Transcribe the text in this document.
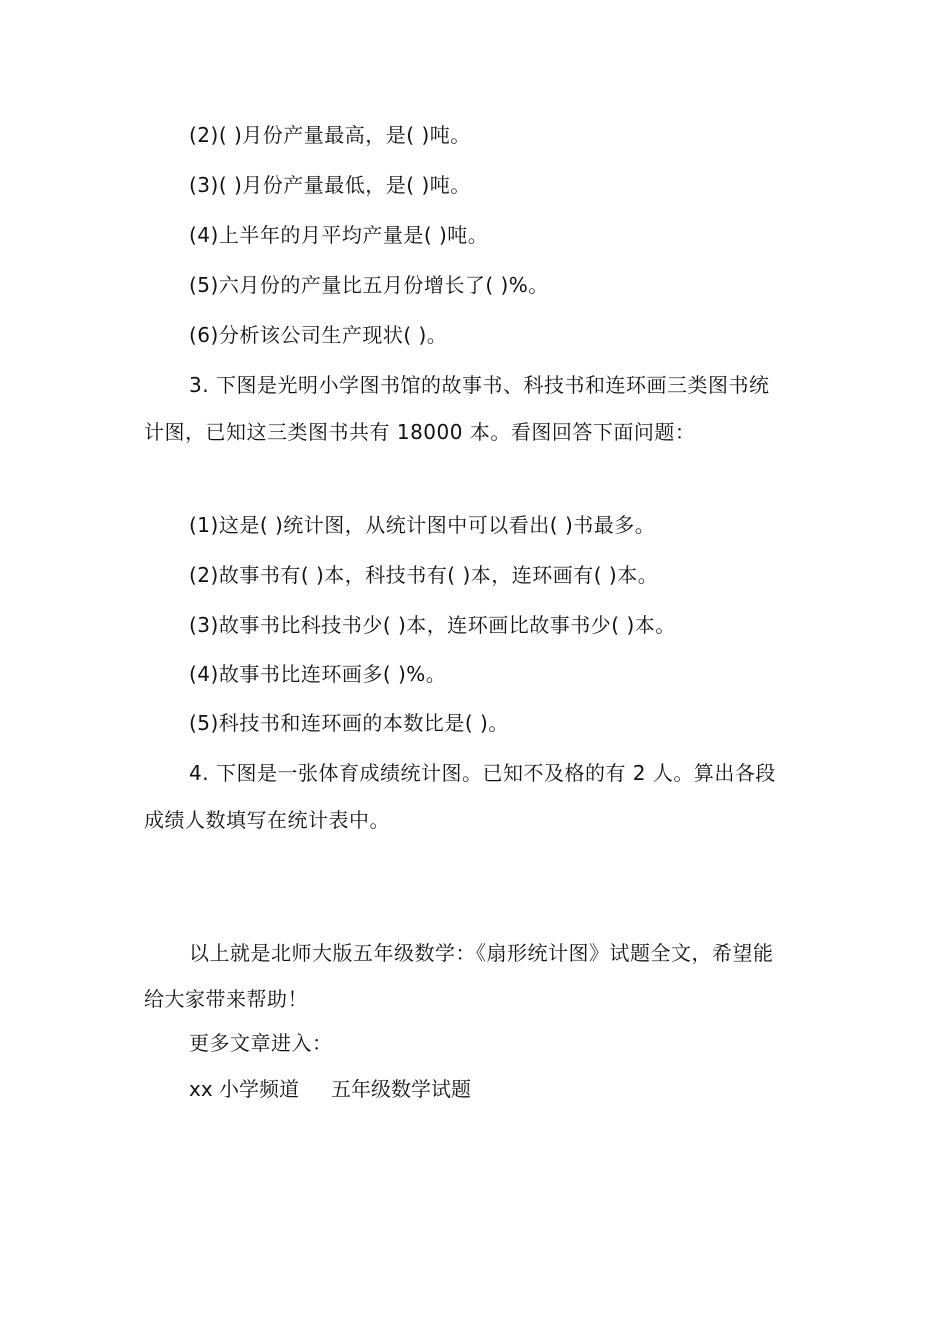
(2)( )月份产量最高，是( )吨。
(3)( )月份产量最低，是( )吨。
(4)上半年的月平均产量是( )吨。
(5)六月份的产量比五月份增长了( )%。
(6)分析该公司生产现状( )。
3. 下图是光明小学图书馆的故事书、科技书和连环画三类图书统
计图，已知这三类图书共有 18000 本。看图回答下面问题：
(1)这是( )统计图，从统计图中可以看出( )书最多。
(2)故事书有( )本，科技书有( )本，连环画有( )本。
(3)故事书比科技书少( )本，连环画比故事书少( )本。
(4)故事书比连环画多( )%。
(5)科技书和连环画的本数比是( )。
4. 下图是一张体育成绩统计图。已知不及格的有 2 人。算出各段
成绩人数填写在统计表中。
以上就是北师大版五年级数学：《扇形统计图》试题全文，希望能
给大家带来帮助！
更多文章进入：
xx 小学频道 五年级数学试题
